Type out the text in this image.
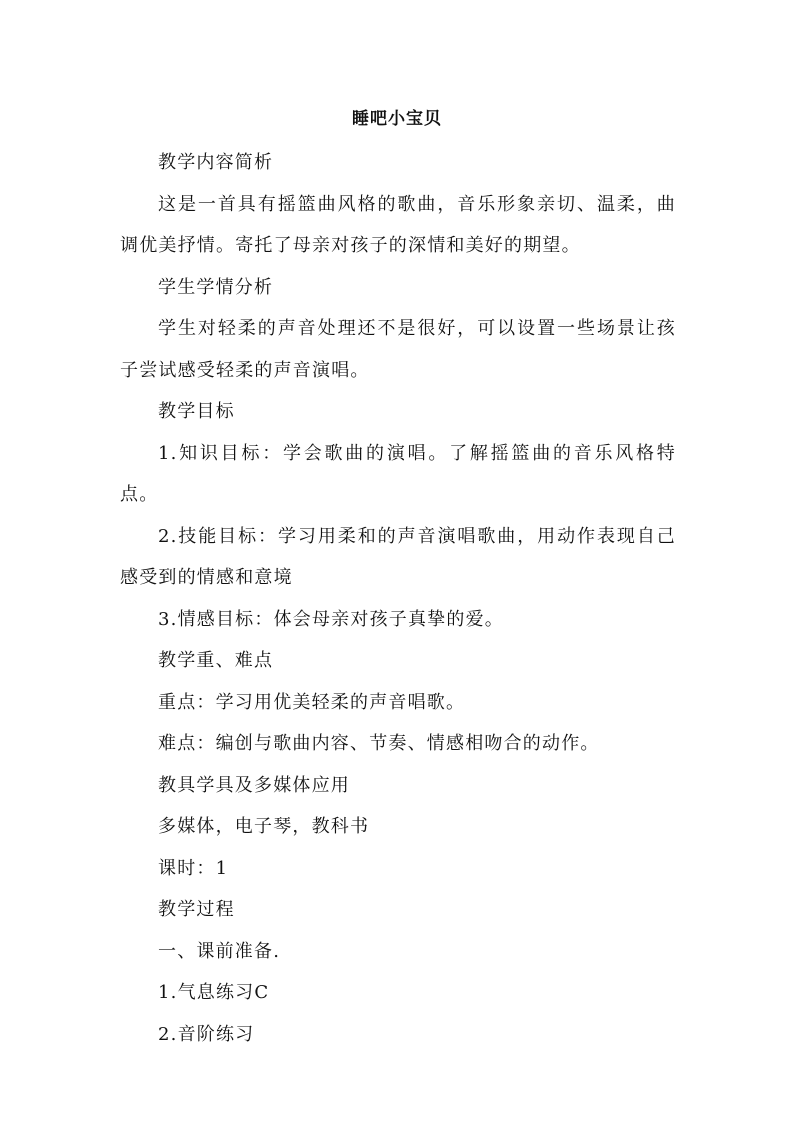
睡吧小宝贝

教学内容简析

这是一首具有摇篮曲风格的歌曲，音乐形象亲切、温柔，曲调优美抒情。寄托了母亲对孩子的深情和美好的期望。

学生学情分析

学生对轻柔的声音处理还不是很好，可以设置一些场景让孩子尝试感受轻柔的声音演唱。

教学目标

1.知识目标：学会歌曲的演唱。了解摇篮曲的音乐风格特点。

2.技能目标：学习用柔和的声音演唱歌曲，用动作表现自己感受到的情感和意境

3.情感目标：体会母亲对孩子真挚的爱。

教学重、难点

重点：学习用优美轻柔的声音唱歌。

难点：编创与歌曲内容、节奏、情感相吻合的动作。

教具学具及多媒体应用

多媒体，电子琴，教科书

课时：1

教学过程

一、课前准备.

1.气息练习C

2.音阶练习
